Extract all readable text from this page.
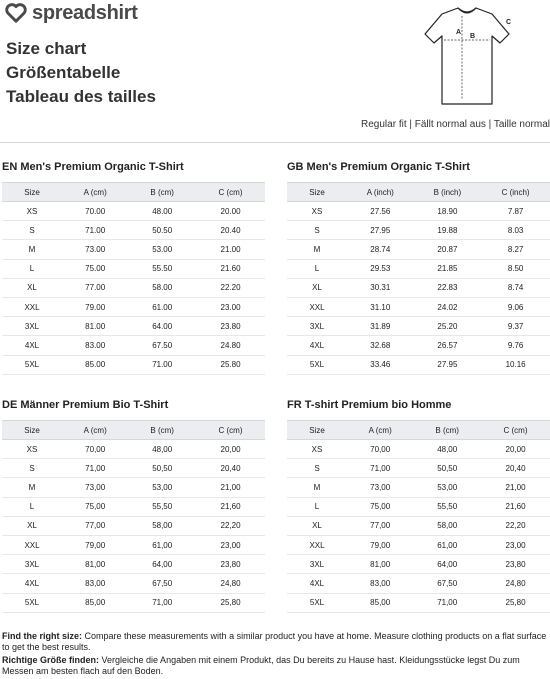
spreadshirt
Size chart
Größentabelle
Tableau des tailles
A
B
C
Regular fit | Fällt normal aus | Taille normal
EN Men's Premium Organic T-Shirt
Size	A (cm)	B (cm)	C (cm)
XS	70.00	48.00	20.00
S	71.00	50.50	20.40
M	73.00	53.00	21.00
L	75.00	55.50	21.60
XL	77.00	58.00	22.20
XXL	79.00	61.00	23.00
3XL	81.00	64.00	23.80
4XL	83.00	67.50	24.80
5XL	85.00	71.00	25.80
GB Men's Premium Organic T-Shirt
Size	A (inch)	B (inch)	C (inch)
XS	27.56	18.90	7.87
S	27.95	19.88	8.03
M	28.74	20.87	8.27
L	29.53	21.85	8.50
XL	30.31	22.83	8.74
XXL	31.10	24.02	9.06
3XL	31.89	25.20	9.37
4XL	32.68	26.57	9.76
5XL	33.46	27.95	10.16
DE Männer Premium Bio T-Shirt
Size	A (cm)	B (cm)	C (cm)
XS	70,00	48,00	20,00
S	71,00	50,50	20,40
M	73,00	53,00	21,00
L	75,00	55,50	21,60
XL	77,00	58,00	22,20
XXL	79,00	61,00	23,00
3XL	81,00	64,00	23,80
4XL	83,00	67,50	24,80
5XL	85,00	71,00	25,80
FR T-shirt Premium bio Homme
Size	A (cm)	B (cm)	C (cm)
XS	70,00	48,00	20,00
S	71,00	50,50	20,40
M	73,00	53,00	21,00
L	75,00	55,50	21,60
XL	77,00	58,00	22,20
XXL	79,00	61,00	23,00
3XL	81,00	64,00	23,80
4XL	83,00	67,50	24,80
5XL	85,00	71,00	25,80

Find the right size: Compare these measurements with a similar product you have at home. Measure clothing products on a flat surface to get the best results.

Richtige Größe finden: Vergleiche die Angaben mit einem Produkt, das Du bereits zu Hause hast. Kleidungsstücke legst Du zum Messen am besten flach auf den Boden.
